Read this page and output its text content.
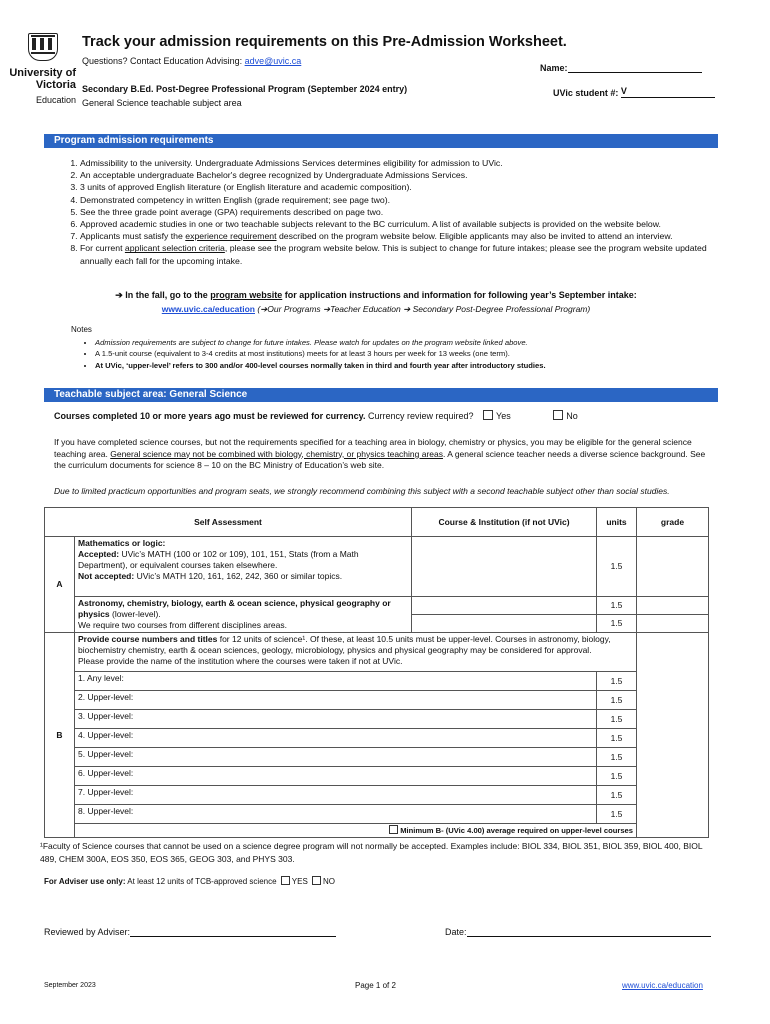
University of Victoria
Education
Track your admission requirements on this Pre-Admission Worksheet.
Questions? Contact Education Advising: adve@uvic.ca
Secondary B.Ed. Post-Degree Professional Program (September 2024 entry)
General Science teachable subject area
Name:
UVic student #: V
Program admission requirements
1. Admissibility to the university. Undergraduate Admissions Services determines eligibility for admission to UVic.
2. An acceptable undergraduate Bachelor's degree recognized by Undergraduate Admissions Services.
3. 3 units of approved English literature (or English literature and academic composition).
4. Demonstrated competency in written English (grade requirement; see page two).
5. See the three grade point average (GPA) requirements described on page two.
6. Approved academic studies in one or two teachable subjects relevant to the BC curriculum. A list of available subjects is provided on the website below.
7. Applicants must satisfy the experience requirement described on the program website below. Eligible applicants may also be invited to attend an interview.
8. For current applicant selection criteria, please see the program website below. This is subject to change for future intakes; please see the program website updated annually each fall for the upcoming intake.
➔ In the fall, go to the program website for application instructions and information for following year’s September intake:
www.uvic.ca/education (➔Our Programs ➔Teacher Education ➔ Secondary Post-Degree Professional Program)
Notes
• Admission requirements are subject to change for future intakes. Please watch for updates on the program website linked above.
• A 1.5-unit course (equivalent to 3-4 credits at most institutions) meets for at least 3 hours per week for 13 weeks (one term).
• At UVic, ‘upper-level’ refers to 300 and/or 400-level courses normally taken in third and fourth year after introductory studies.
Teachable subject area: General Science
Courses completed 10 or more years ago must be reviewed for currency. Currency review required?	Yes	No
If you have completed science courses, but not the requirements specified for a teaching area in biology, chemistry or physics, you may be eligible for the general science teaching area. General science may not be combined with biology, chemistry, or physics teaching areas. A general science teacher needs a diverse science background. See the curriculum documents for science 8 – 10 on the BC Ministry of Education’s web site.
Due to limited practicum opportunities and program seats, we strongly recommend combining this subject with a second teachable subject other than social studies.
Self Assessment		Course & Institution (if not UVic)	units	grade
A	Mathematics or logic:
Accepted: UVic’s MATH (100 or 102 or 109), 101, 151, Stats (from a Math Department), or equivalent courses taken elsewhere.
Not accepted: UVic’s MATH 120, 161, 162, 242, 360 or similar topics.		1.5	

	Astronomy, chemistry, biology, earth & ocean science, physical geography or physics (lower-level).
We require two courses from different disciplines areas.		1.5	
			1.5	
B	Provide course numbers and titles for 12 units of science¹. Of these, at least 10.5 units must be upper-level. Courses in astronomy, biology, biochemistry chemistry, earth & ocean sciences, geology, microbiology, physics and physical geography may be considered for approval.
Please provide the name of the institution where the courses were taken if not at UVic.			

	1. Any level:		1.5	
	2. Upper-level:		1.5	
	3. Upper-level:		1.5	
	4. Upper-level:		1.5	
	5. Upper-level:		1.5	
	6. Upper-level:		1.5	
	7. Upper-level:		1.5	
	8. Upper-level:		1.5	
	Minimum B- (UVic 4.00) average required on upper-level courses			
¹Faculty of Science courses that cannot be used on a science degree program will not normally be accepted. Examples include: BIOL 334, BIOL 351, BIOL 359, BIOL 400, BIOL 489, CHEM 300A, EOS 350, EOS 365, GEOG 303, and PHYS 303.
For Adviser use only: At least 12 units of TCB-approved science YES NO
Reviewed by Adviser:	Date:
September 2023	Page 1 of 2	www.uvic.ca/education
